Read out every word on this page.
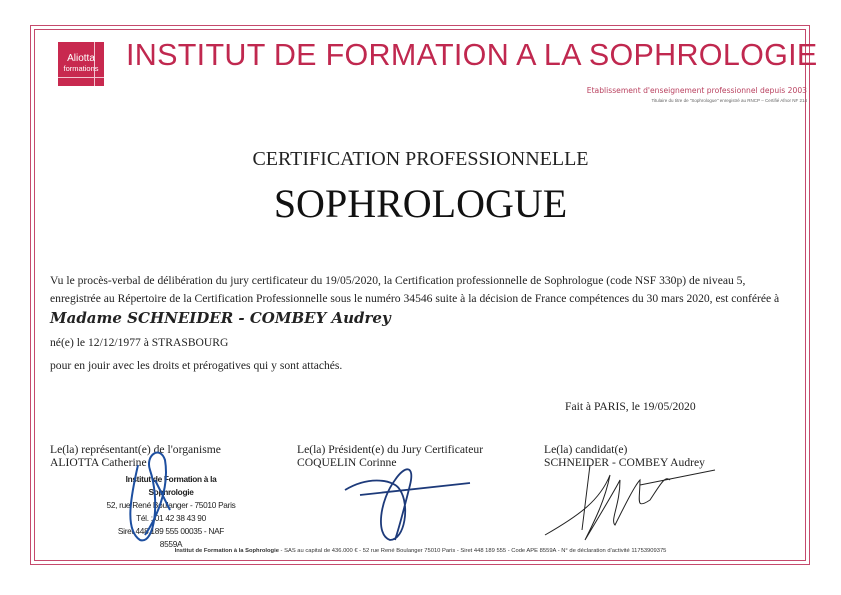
Aliotta
formations INSTITUT DE FORMATION A LA SOPHROLOGIE
Etablissement d'enseignement professionnel depuis 2003
Titulaire du titre de "Sophrologue" enregistré au RNCP – Certifié Afnor NF 214
CERTIFICATION PROFESSIONNELLE
SOPHROLOGUE
Vu le procès-verbal de délibération du jury certificateur du 19/05/2020, la Certification professionnelle de Sophrologue (code NSF 330p) de niveau 5,
enregistrée au Répertoire de la Certification Professionnelle sous le numéro 34546 suite à la décision de France compétences du 30 mars 2020, est conférée à
Madame SCHNEIDER - COMBEY Audrey
né(e) le 12/12/1977 à STRASBOURG
pour en jouir avec les droits et prérogatives qui y sont attachés.
Fait à PARIS, le 19/05/2020
Le(la) représentant(e) de l'organisme
ALIOTTA Catherine
Le(la) Président(e) du Jury Certificateur
COQUELIN Corinne
Le(la) candidat(e)
SCHNEIDER - COMBEY Audrey
Institut de Formation à la Sophrologie
52, rue René Boulanger - 75010 Paris
Tél. : 01 42 38 43 90
Siret 448 189 555 00035 - NAF 8559A
Institut de Formation à la Sophrologie - SAS au capital de 436.000 € - 52 rue René Boulanger 75010 Paris - Siret 448 189 555 - Code APE 8559A - N° de déclaration d'activité 11753909375
